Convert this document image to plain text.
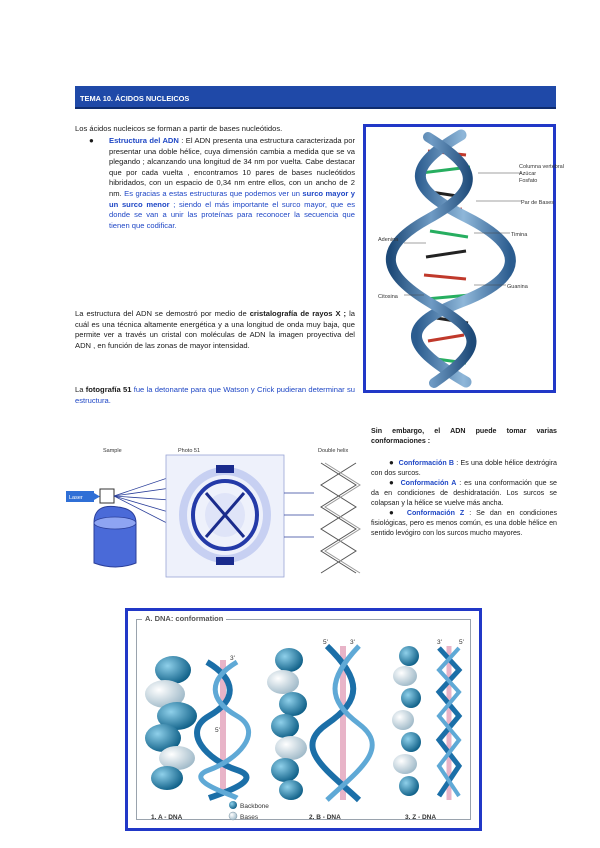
TEMA 10. ÁCIDOS NUCLEICOS

Los ácidos nucleicos se forman a partir de bases nucleótidos.

● Estructura del ADN : El ADN presenta una estructura caracterizada por presentar una doble hélice, cuya dimensión cambia a medida que se va plegando ; alcanzando una longitud de 34 nm por vuelta. Cabe destacar que por cada vuelta , encontramos 10 pares de bases nucleótidos hibridados, con un espacio de 0,34 nm entre ellos, con un ancho de 2 nm. Es gracias a estas estructuras que podemos ver un surco mayor y un surco menor ; siendo el más importante el surco mayor, que es donde se van a unir las proteínas para reconocer la secuencia que tienen que codificar.

La estructura del ADN se demostró por medio de cristalografía de rayos X ; la cuál es una técnica altamente energética y a una longitud de onda muy baja, que permite ver a través un cristal con moléculas de ADN la imagen proyectiva del ADN , en función de las zonas de mayor intensidad.

La fotografía 51 fue la detonante para que Watson y Crick pudieran determinar su estructura.

Columna vertebral
Azúcar
Fosfato
Par de Bases
Timina
Adenina
Guanina
Citosina
Sample	Photo 51	Double helix
Laser

Sin embargo, el ADN puede tomar varias conformaciones :

● Conformación B : Es una doble hélice dextrógira con dos surcos.

● Conformación A : es una conformación que se da en condiciones de deshidratación. Los surcos se colapsan y la hélice se vuelve más ancha.

● Conformación Z : Se dan en condiciones fisiológicas, pero es menos común, es una doble hélice en sentido levógiro con los surcos mucho mayores.

A. DNA: conformation
3'
5'
3'
5'	3'	5'
Backbone
Bases
1. A - DNA	2. B - DNA	3. Z - DNA
